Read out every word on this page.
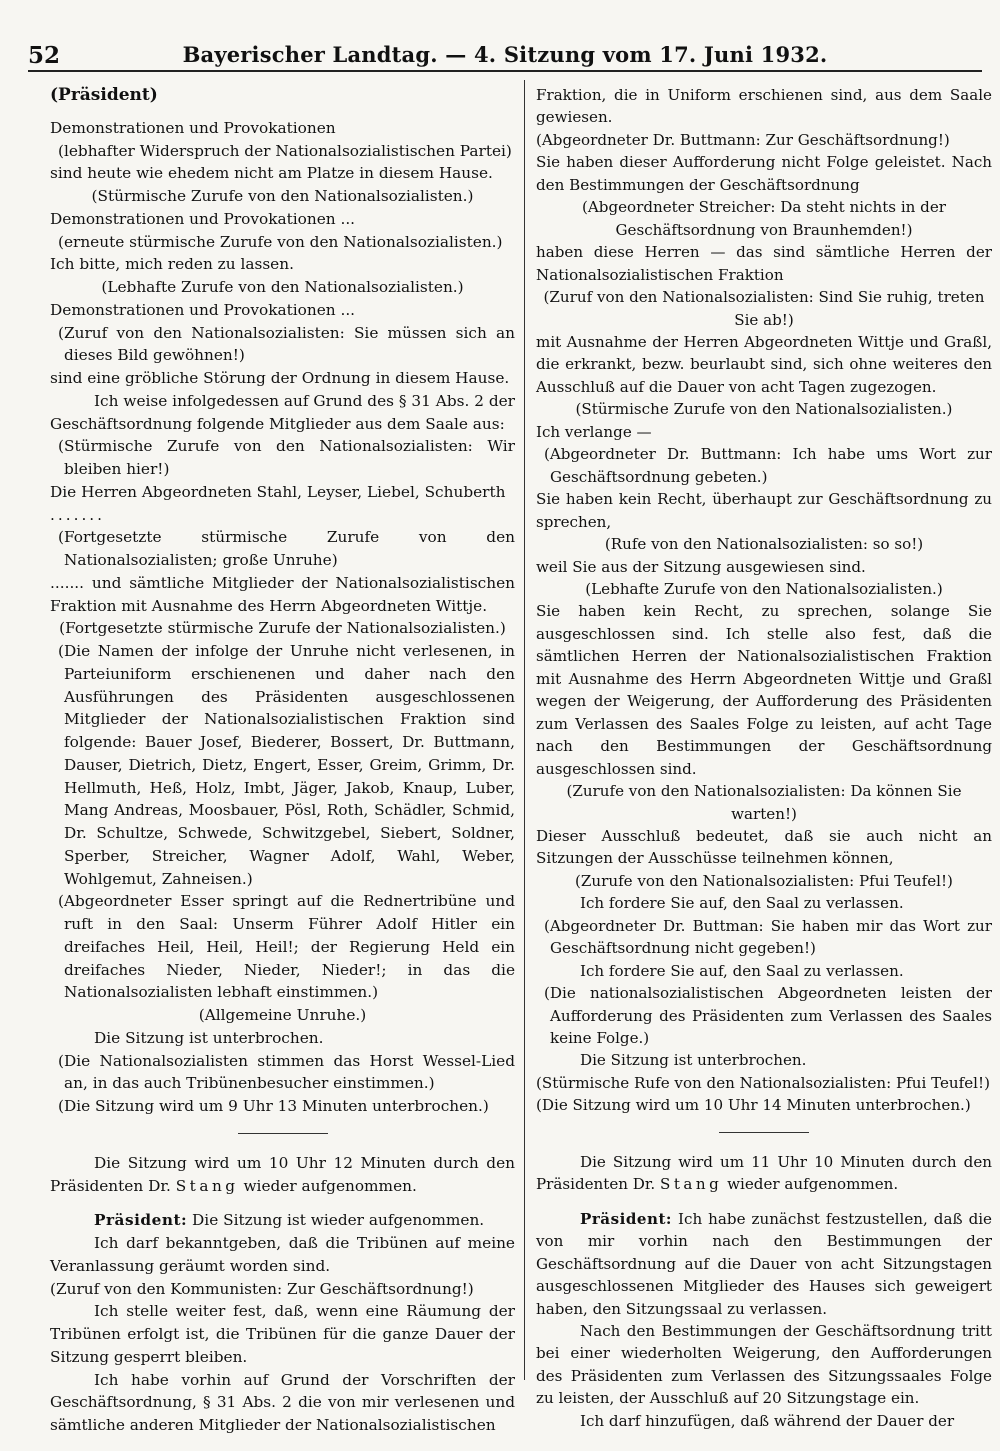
52	Bayerischer Landtag. — 4. Sitzung vom 17. Juni 1932.

(Präsident)

Demonstrationen und Provokationen

(lebhafter Widerspruch der Nationalsozialistischen Partei)

sind heute wie ehedem nicht am Platze in diesem Hause.

(Stürmische Zurufe von den Nationalsozialisten.)

Demonstrationen und Provokationen ...

(erneute stürmische Zurufe von den Nationalsozialisten.)

Ich bitte, mich reden zu lassen.

(Lebhafte Zurufe von den Nationalsozialisten.)

Demonstrationen und Provokationen ...

(Zuruf von den Nationalsozialisten: Sie müssen sich an dieses Bild gewöhnen!)

sind eine gröbliche Störung der Ordnung in diesem Hause.

Ich weise infolgedessen auf Grund des § 31 Abs. 2 der Geschäftsordnung folgende Mitglieder aus dem Saale aus:

(Stürmische Zurufe von den Nationalsozialisten: Wir bleiben hier!)

Die Herren Abgeordneten Stahl, Leyser, Liebel, Schuberth

.......

(Fortgesetzte stürmische Zurufe von den Nationalsozialisten; große Unruhe)

....... und sämtliche Mitglieder der Nationalsozialistischen Fraktion mit Ausnahme des Herrn Abgeordneten Wittje.

(Fortgesetzte stürmische Zurufe der Nationalsozialisten.)

(Die Namen der infolge der Unruhe nicht verlesenen, in Parteiuniform erschienenen und daher nach den Ausführungen des Präsidenten ausgeschlossenen Mitglieder der Nationalsozialistischen Fraktion sind folgende: Bauer Josef, Biederer, Bossert, Dr. Buttmann, Dauser, Dietrich, Dietz, Engert, Esser, Greim, Grimm, Dr. Hellmuth, Heß, Holz, Imbt, Jäger, Jakob, Knaup, Luber, Mang Andreas, Moosbauer, Pösl, Roth, Schädler, Schmid, Dr. Schultze, Schwede, Schwitzgebel, Siebert, Soldner, Sperber, Streicher, Wagner Adolf, Wahl, Weber, Wohlgemut, Zahneisen.)

(Abgeordneter Esser springt auf die Rednertribüne und ruft in den Saal: Unserm Führer Adolf Hitler ein dreifaches Heil, Heil, Heil!; der Regierung Held ein dreifaches Nieder, Nieder, Nieder!; in das die Nationalsozialisten lebhaft einstimmen.)

(Allgemeine Unruhe.)

Die Sitzung ist unterbrochen.

(Die Nationalsozialisten stimmen das Horst Wessel-Lied an, in das auch Tribünenbesucher einstimmen.)

(Die Sitzung wird um 9 Uhr 13 Minuten unterbrochen.)

Die Sitzung wird um 10 Uhr 12 Minuten durch den Präsidenten Dr. Stang wieder aufgenommen.

Präsident: Die Sitzung ist wieder aufgenommen.

Ich darf bekanntgeben, daß die Tribünen auf meine Veranlassung geräumt worden sind.

(Zuruf von den Kommunisten: Zur Geschäftsordnung!)

Ich stelle weiter fest, daß, wenn eine Räumung der Tribünen erfolgt ist, die Tribünen für die ganze Dauer der Sitzung gesperrt bleiben.

Ich habe vorhin auf Grund der Vorschriften der Geschäftsordnung, § 31 Abs. 2 die von mir verlesenen und sämtliche anderen Mitglieder der Nationalsozialistischen

Fraktion, die in Uniform erschienen sind, aus dem Saale gewiesen.

(Abgeordneter Dr. Buttmann: Zur Geschäftsordnung!)

Sie haben dieser Aufforderung nicht Folge geleistet. Nach den Bestimmungen der Geschäftsordnung

(Abgeordneter Streicher: Da steht nichts in der Geschäftsordnung von Braunhemden!)

haben diese Herren — das sind sämtliche Herren der Nationalsozialistischen Fraktion

(Zuruf von den Nationalsozialisten: Sind Sie ruhig, treten Sie ab!)

mit Ausnahme der Herren Abgeordneten Wittje und Graßl, die erkrankt, bezw. beurlaubt sind, sich ohne weiteres den Ausschluß auf die Dauer von acht Tagen zugezogen.

(Stürmische Zurufe von den Nationalsozialisten.)

Ich verlange —

(Abgeordneter Dr. Buttmann: Ich habe ums Wort zur Geschäftsordnung gebeten.)

Sie haben kein Recht, überhaupt zur Geschäftsordnung zu sprechen,

(Rufe von den Nationalsozialisten: so so!)

weil Sie aus der Sitzung ausgewiesen sind.

(Lebhafte Zurufe von den Nationalsozialisten.)

Sie haben kein Recht, zu sprechen, solange Sie ausgeschlossen sind. Ich stelle also fest, daß die sämtlichen Herren der Nationalsozialistischen Fraktion mit Ausnahme des Herrn Abgeordneten Wittje und Graßl wegen der Weigerung, der Aufforderung des Präsidenten zum Verlassen des Saales Folge zu leisten, auf acht Tage nach den Bestimmungen der Geschäftsordnung ausgeschlossen sind.

(Zurufe von den Nationalsozialisten: Da können Sie warten!)

Dieser Ausschluß bedeutet, daß sie auch nicht an Sitzungen der Ausschüsse teilnehmen können,

(Zurufe von den Nationalsozialisten: Pfui Teufel!)

Ich fordere Sie auf, den Saal zu verlassen.

(Abgeordneter Dr. Buttman: Sie haben mir das Wort zur Geschäftsordnung nicht gegeben!)

Ich fordere Sie auf, den Saal zu verlassen.

(Die nationalsozialistischen Abgeordneten leisten der Aufforderung des Präsidenten zum Verlassen des Saales keine Folge.)

Die Sitzung ist unterbrochen.

(Stürmische Rufe von den Nationalsozialisten: Pfui Teufel!)

(Die Sitzung wird um 10 Uhr 14 Minuten unterbrochen.)

Die Sitzung wird um 11 Uhr 10 Minuten durch den Präsidenten Dr. Stang wieder aufgenommen.

Präsident: Ich habe zunächst festzustellen, daß die von mir vorhin nach den Bestimmungen der Geschäftsordnung auf die Dauer von acht Sitzungstagen ausgeschlossenen Mitglieder des Hauses sich geweigert haben, den Sitzungssaal zu verlassen.

Nach den Bestimmungen der Geschäftsordnung tritt bei einer wiederholten Weigerung, den Aufforderungen des Präsidenten zum Verlassen des Sitzungssaales Folge zu leisten, der Ausschluß auf 20 Sitzungstage ein.

Ich darf hinzufügen, daß während der Dauer der
